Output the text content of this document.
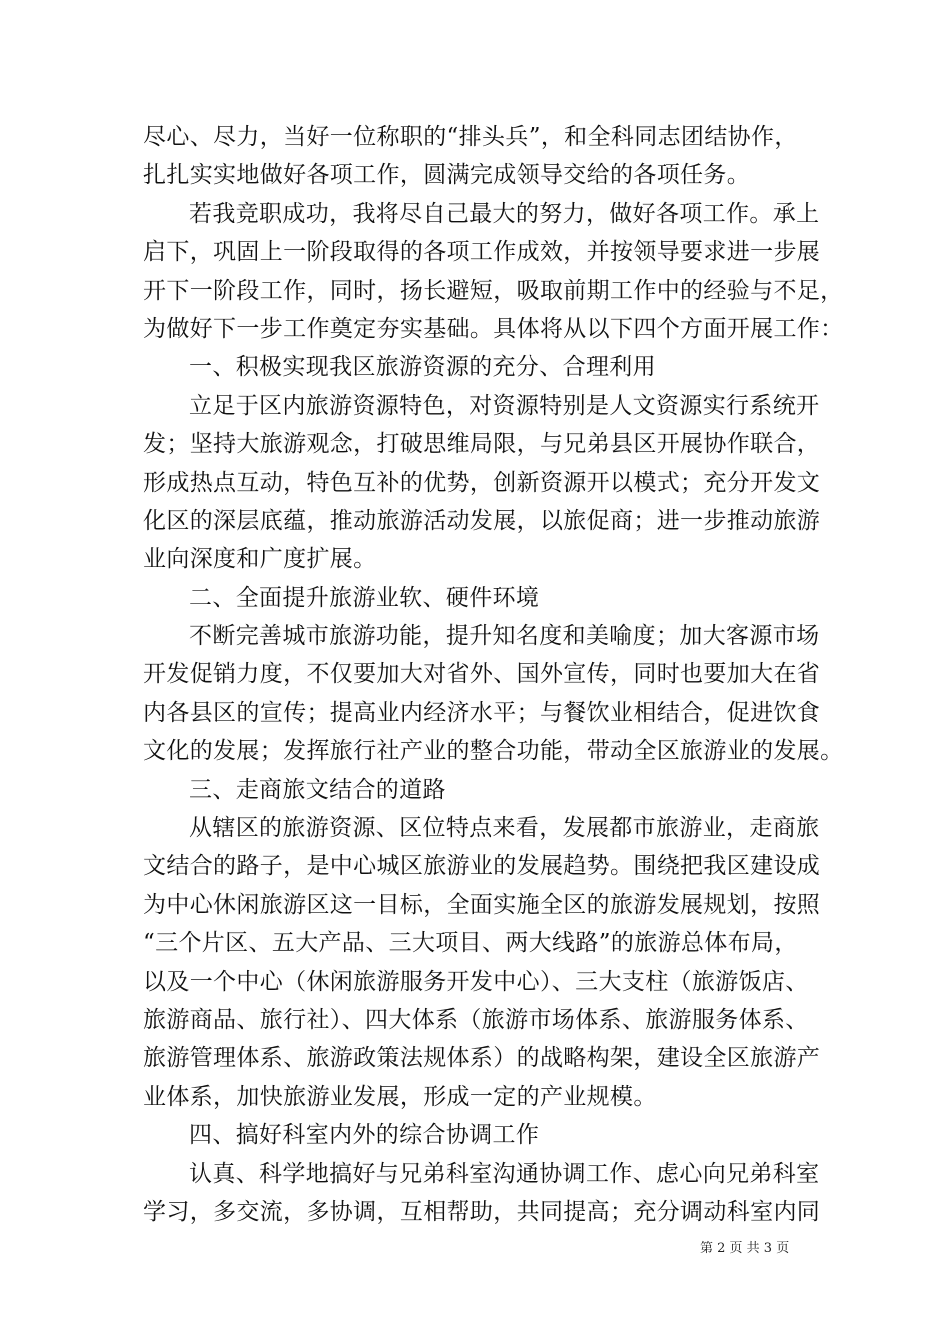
尽心、尽力，当好一位称职的“排头兵”，和全科同志团结协作，
扎扎实实地做好各项工作，圆满完成领导交给的各项任务。
若我竞职成功，我将尽自己最大的努力，做好各项工作。承上
启下，巩固上一阶段取得的各项工作成效，并按领导要求进一步展
开下一阶段工作，同时，扬长避短，吸取前期工作中的经验与不足，
为做好下一步工作奠定夯实基础。具体将从以下四个方面开展工作：
一、积极实现我区旅游资源的充分、合理利用
立足于区内旅游资源特色，对资源特别是人文资源实行系统开
发；坚持大旅游观念，打破思维局限，与兄弟县区开展协作联合，
形成热点互动，特色互补的优势，创新资源开以模式；充分开发文
化区的深层底蕴，推动旅游活动发展，以旅促商；进一步推动旅游
业向深度和广度扩展。
二、全面提升旅游业软、硬件环境
不断完善城市旅游功能，提升知名度和美喻度；加大客源市场
开发促销力度，不仅要加大对省外、国外宣传，同时也要加大在省
内各县区的宣传；提高业内经济水平；与餐饮业相结合，促进饮食
文化的发展；发挥旅行社产业的整合功能，带动全区旅游业的发展。
三、走商旅文结合的道路
从辖区的旅游资源、区位特点来看，发展都市旅游业，走商旅
文结合的路子，是中心城区旅游业的发展趋势。围绕把我区建设成
为中心休闲旅游区这一目标，全面实施全区的旅游发展规划，按照
“三个片区、五大产品、三大项目、两大线路”的旅游总体布局，
以及一个中心（休闲旅游服务开发中心）、三大支柱（旅游饭店、
旅游商品、旅行社）、四大体系（旅游市场体系、旅游服务体系、
旅游管理体系、旅游政策法规体系）的战略构架，建设全区旅游产
业体系，加快旅游业发展，形成一定的产业规模。
四、搞好科室内外的综合协调工作
认真、科学地搞好与兄弟科室沟通协调工作、虑心向兄弟科室
学习，多交流，多协调，互相帮助，共同提高；充分调动科室内同
第 2 页 共 3 页
